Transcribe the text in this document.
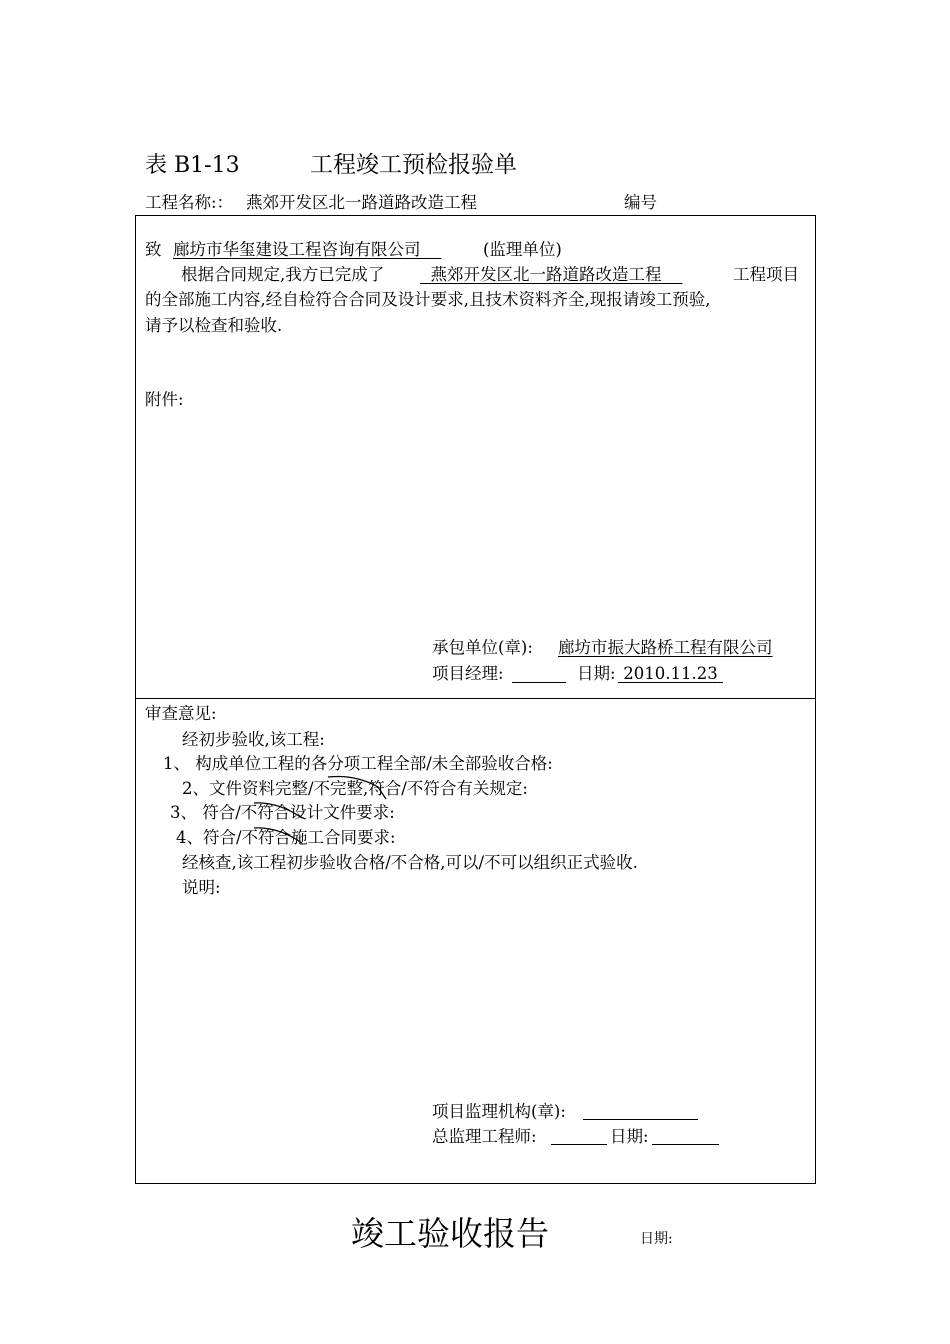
表 B1-13	工程竣工预检报验单
工程名称:： 燕郊开发区北一路道路改造工程	编号
致 廊坊市华玺建设工程咨询有限公司	(监理单位)
根据合同规定,我方已完成了	燕郊开发区北一路道路改造工程	工程项目
的全部施工内容,经自检符合合同及设计要求,且技术资料齐全,现报请竣工预验,
请予以检查和验收.
附件:
承包单位(章): 廊坊市振大路桥工程有限公司
项目经理:	日期: 2010.11.23
审查意见:
经初步验收,该工程:
1、 构成单位工程的各分项工程全部/未全部验收合格:
2、文件资料完整/不完整,符合/不符合有关规定:
3、 符合/不符合设计文件要求:
4、符合/不符合施工合同要求:
经核查,该工程初步验收合格/不合格,可以/不可以组织正式验收.
说明:
项目监理机构(章):
总监理工程师:	日期:
竣工验收报告	日期:
